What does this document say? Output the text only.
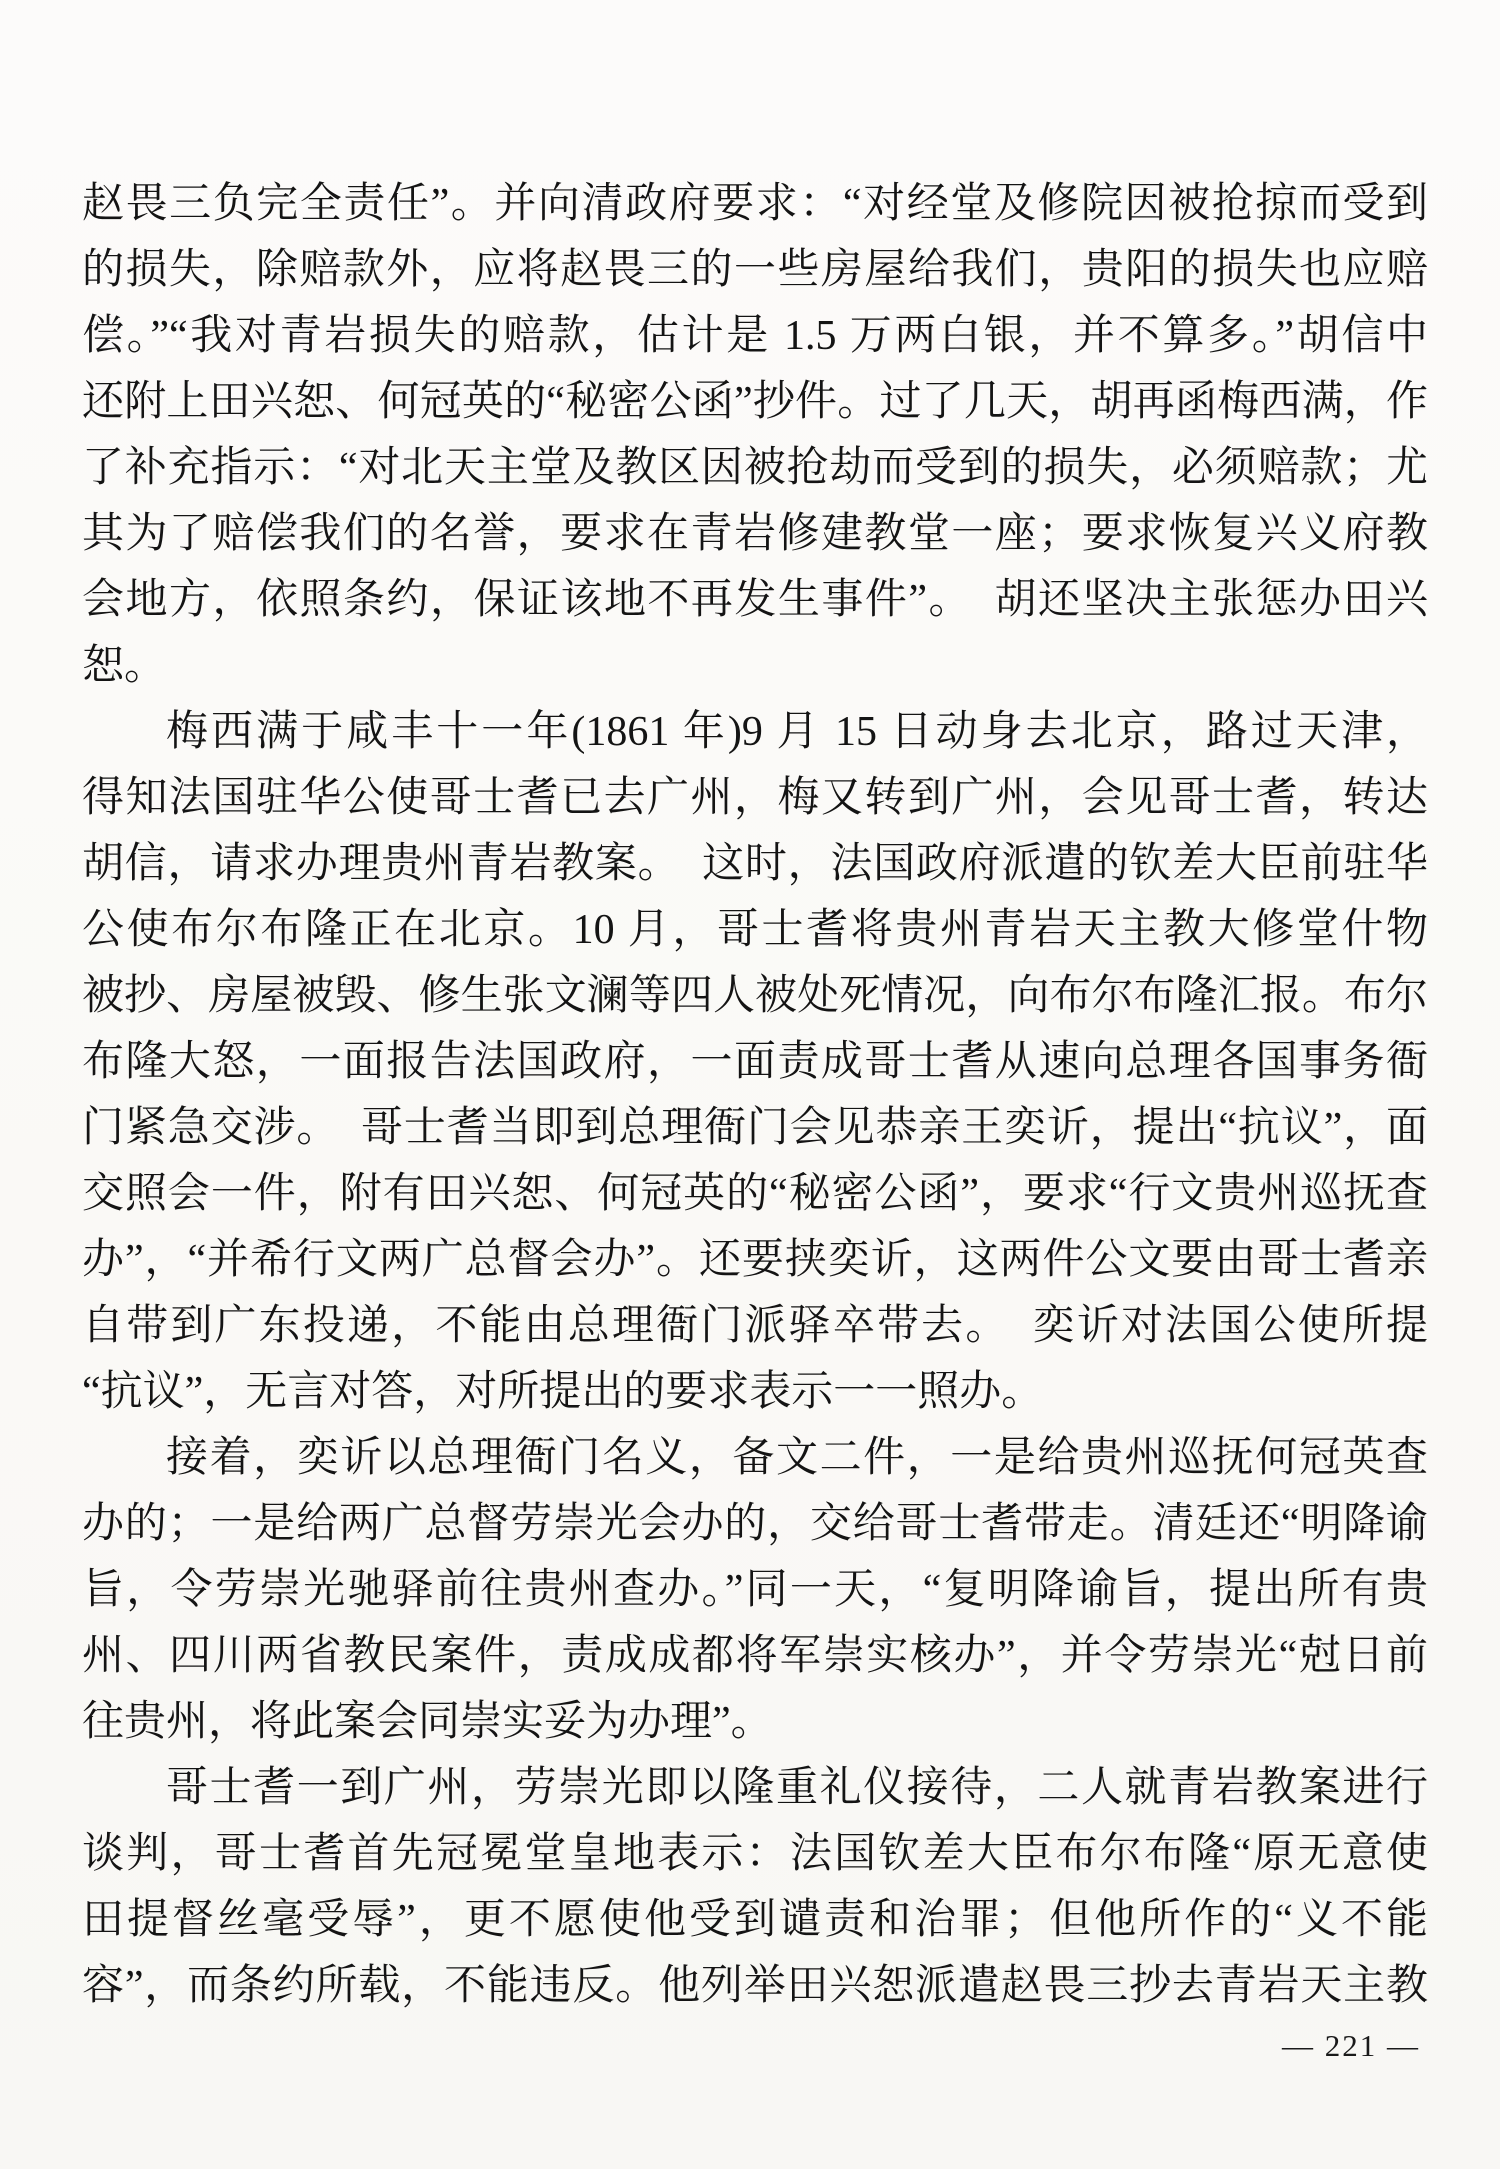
赵畏三负完全责任”。并向清政府要求：“对经堂及修院因被抢掠而受到
的损失，除赔款外，应将赵畏三的一些房屋给我们，贵阳的损失也应赔
偿。”“我对青岩损失的赔款，估计是 1.5 万两白银，并不算多。”胡信中
还附上田兴恕、何冠英的“秘密公函”抄件。过了几天，胡再函梅西满，作
了补充指示：“对北天主堂及教区因被抢劫而受到的损失，必须赔款；尤
其为了赔偿我们的名誉，要求在青岩修建教堂一座；要求恢复兴义府教
会地方，依照条约，保证该地不再发生事件”。　胡还坚决主张惩办田兴
恕。
梅西满于咸丰十一年(1861 年)9 月 15 日动身去北京，路过天津，
得知法国驻华公使哥士耆已去广州，梅又转到广州，会见哥士耆，转达
胡信，请求办理贵州青岩教案。　这时，法国政府派遣的钦差大臣前驻华
公使布尔布隆正在北京。10 月，哥士耆将贵州青岩天主教大修堂什物
被抄、房屋被毁、修生张文澜等四人被处死情况，向布尔布隆汇报。布尔
布隆大怒，一面报告法国政府，一面责成哥士耆从速向总理各国事务衙
门紧急交涉。　哥士耆当即到总理衙门会见恭亲王奕䜣，提出“抗议”，面
交照会一件，附有田兴恕、何冠英的“秘密公函”，要求“行文贵州巡抚查
办”，“并希行文两广总督会办”。还要挟奕䜣，这两件公文要由哥士耆亲
自带到广东投递，不能由总理衙门派驿卒带去。　奕䜣对法国公使所提
“抗议”，无言对答，对所提出的要求表示一一照办。
接着，奕䜣以总理衙门名义，备文二件，一是给贵州巡抚何冠英查
办的；一是给两广总督劳崇光会办的，交给哥士耆带走。清廷还“明降谕
旨，令劳崇光驰驿前往贵州查办。”同一天，“复明降谕旨，提出所有贵
州、四川两省教民案件，责成成都将军崇实核办”，并令劳崇光“尅日前
往贵州，将此案会同崇实妥为办理”。
哥士耆一到广州，劳崇光即以隆重礼仪接待，二人就青岩教案进行
谈判，哥士耆首先冠冕堂皇地表示：法国钦差大臣布尔布隆“原无意使
田提督丝毫受辱”，更不愿使他受到谴责和治罪；但他所作的“义不能
容”，而条约所载，不能违反。他列举田兴恕派遣赵畏三抄去青岩天主教
— 221 —
